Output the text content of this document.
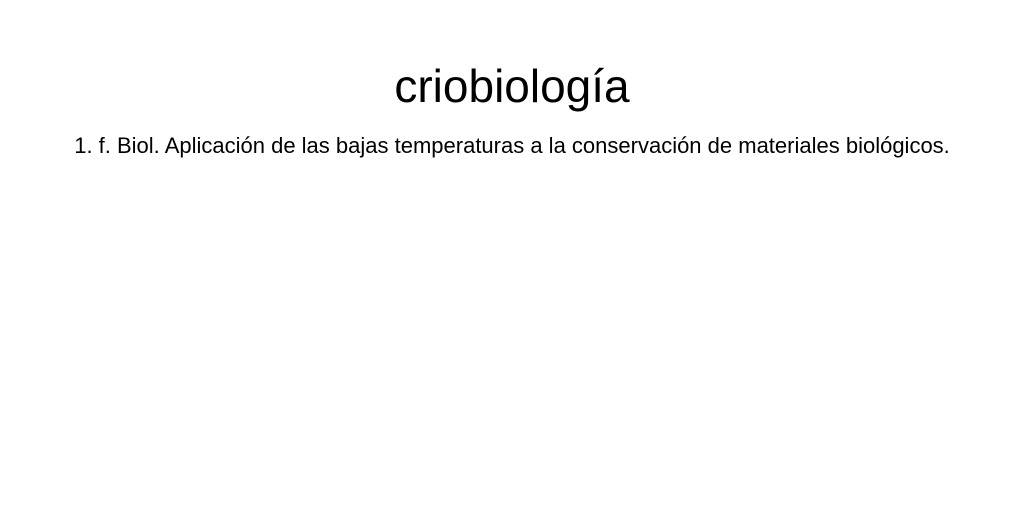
criobiología

1. f. Biol. Aplicación de las bajas temperaturas a la conservación de materiales biológicos.
